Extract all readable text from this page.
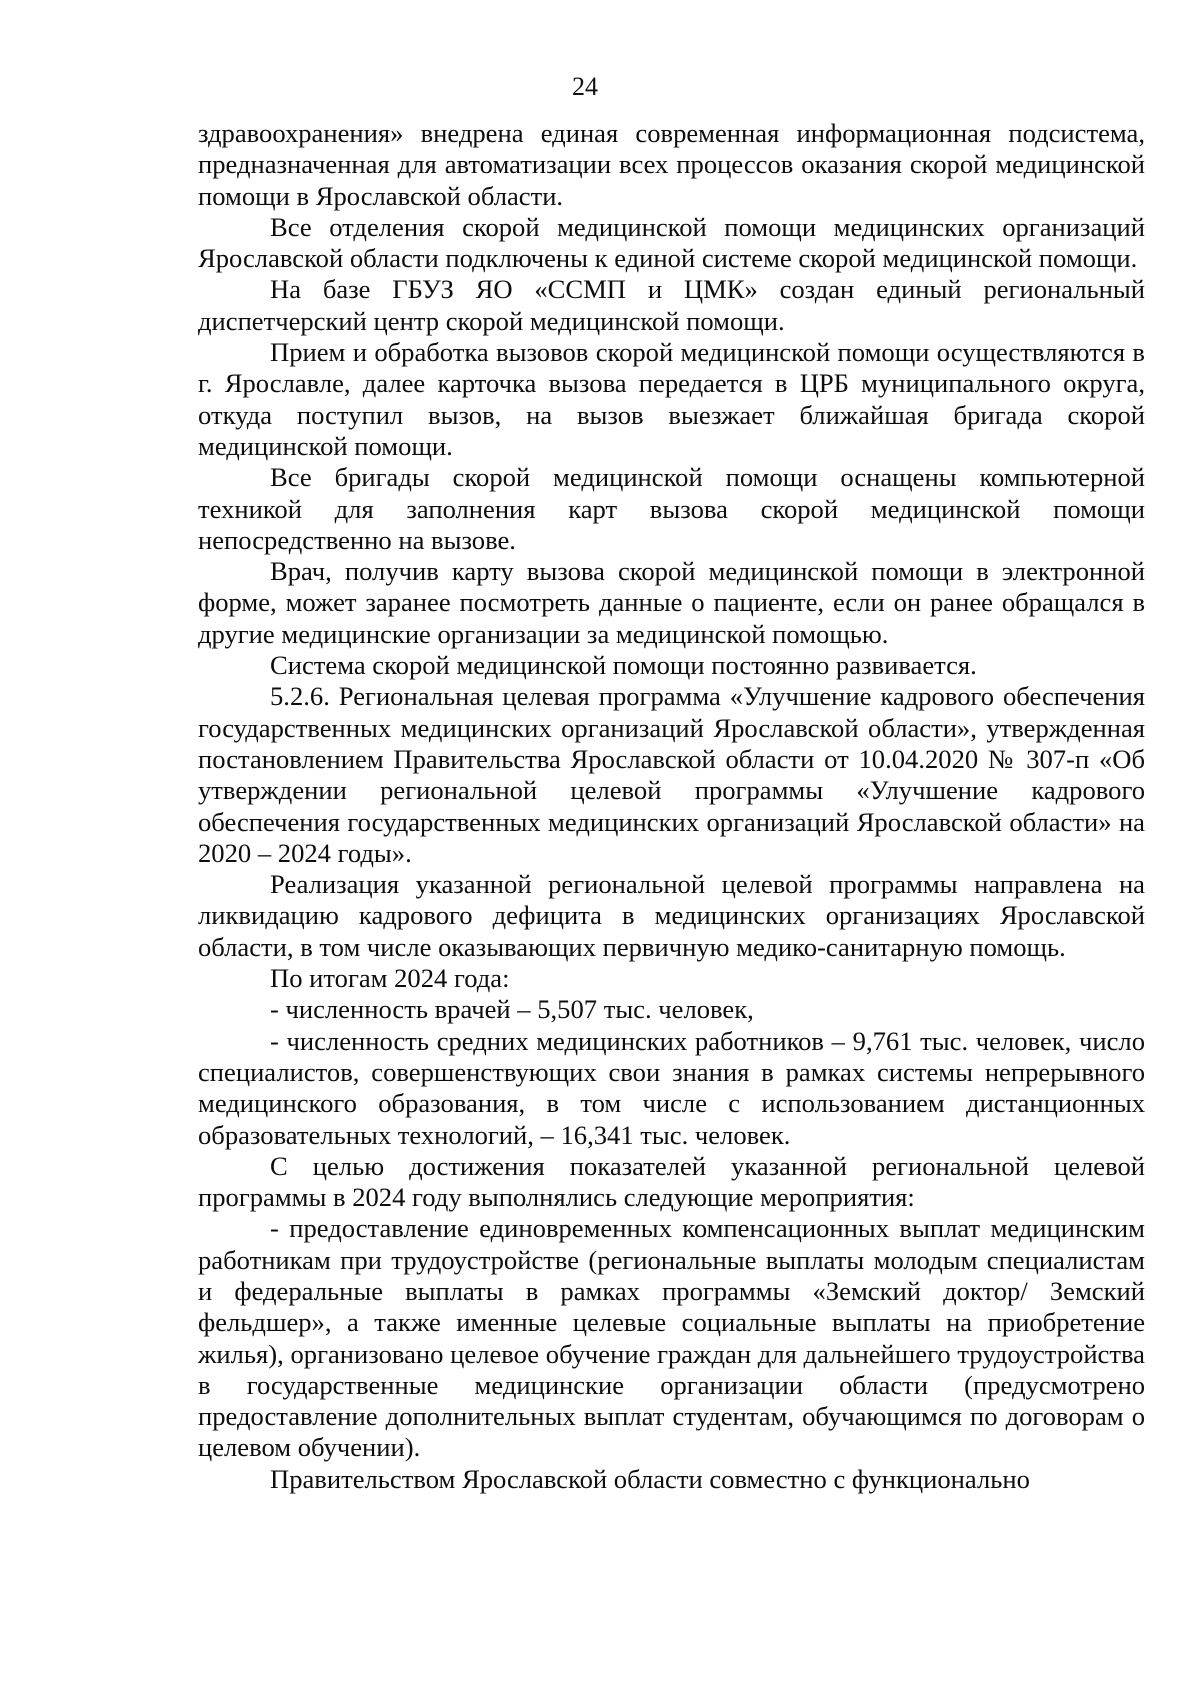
24

здравоохранения» внедрена единая современная информационная подсистема, предназначенная для автоматизации всех процессов оказания скорой медицинской помощи в Ярославской области.

Все отделения скорой медицинской помощи медицинских организаций Ярославской области подключены к единой системе скорой медицинской помощи.

На базе ГБУЗ ЯО «ССМП и ЦМК» создан единый региональный диспетчерский центр скорой медицинской помощи.

Прием и обработка вызовов скорой медицинской помощи осуществляются в г. Ярославле, далее карточка вызова передается в ЦРБ муниципального округа, откуда поступил вызов, на вызов выезжает ближайшая бригада скорой медицинской помощи.

Все бригады скорой медицинской помощи оснащены компьютерной техникой для заполнения карт вызова скорой медицинской помощи непосредственно на вызове.

Врач, получив карту вызова скорой медицинской помощи в электронной форме, может заранее посмотреть данные о пациенте, если он ранее обращался в другие медицинские организации за медицинской помощью.

Система скорой медицинской помощи постоянно развивается.

5.2.6. Региональная целевая программа «Улучшение кадрового обеспечения государственных медицинских организаций Ярославской области», утвержденная постановлением Правительства Ярославской области от 10.04.2020 № 307-п «Об утверждении региональной целевой программы «Улучшение кадрового обеспечения государственных медицинских организаций Ярославской области» на 2020 – 2024 годы».

Реализация указанной региональной целевой программы направлена на ликвидацию кадрового дефицита в медицинских организациях Ярославской области, в том числе оказывающих первичную медико-санитарную помощь.

По итогам 2024 года:

- численность врачей – 5,507 тыс. человек,

- численность средних медицинских работников – 9,761 тыс. человек, число специалистов, совершенствующих свои знания в рамках системы непрерывного медицинского образования, в том числе с использованием дистанционных образовательных технологий, – 16,341 тыс. человек.

С целью достижения показателей указанной региональной целевой программы в 2024 году выполнялись следующие мероприятия:

- предоставление единовременных компенсационных выплат медицинским работникам при трудоустройстве (региональные выплаты молодым специалистам и федеральные выплаты в рамках программы «Земский доктор/ Земский фельдшер», а также именные целевые социальные выплаты на приобретение жилья), организовано целевое обучение граждан для дальнейшего трудоустройства в государственные медицинские организации области (предусмотрено предоставление дополнительных выплат студентам, обучающимся по договорам о целевом обучении).

Правительством Ярославской области совместно с функционально
